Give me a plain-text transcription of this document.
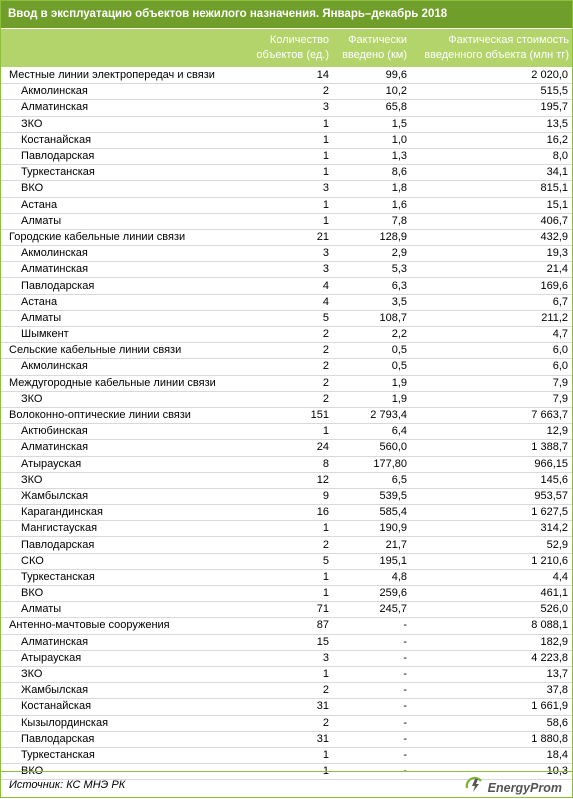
Ввод в эксплуатацию объектов нежилого назначения. Январь–декабрь 2018
Количество
объектов (ед.)
Фактически
введено (км)
Фактическая стоимость
введенного объекта (млн тг)
Местные линии электропередач и связи	14	99,6	2 020,0
Акмолинская	2	10,2	515,5
Алматинская	3	65,8	195,7
ЗКО	1	1,5	13,5
Костанайская	1	1,0	16,2
Павлодарская	1	1,3	8,0
Туркестанская	1	8,6	34,1
ВКО	3	1,8	815,1
Астана	1	1,6	15,1
Алматы	1	7,8	406,7
Городские кабельные линии связи	21	128,9	432,9
Акмолинская	3	2,9	19,3
Алматинская	3	5,3	21,4
Павлодарская	4	6,3	169,6
Астана	4	3,5	6,7
Алматы	5	108,7	211,2
Шымкент	2	2,2	4,7
Сельские кабельные линии связи	2	0,5	6,0
Акмолинская	2	0,5	6,0
Междугородные кабельные линии связи	2	1,9	7,9
ЗКО	2	1,9	7,9
Волоконно-оптические линии связи	151	2 793,4	7 663,7
Актюбинская	1	6,4	12,9
Алматинская	24	560,0	1 388,7
Атырауская	8	177,80	966,15
ЗКО	12	6,5	145,6
Жамбылская	9	539,5	953,57
Карагандинская	16	585,4	1 627,5
Мангистауская	1	190,9	314,2
Павлодарская	2	21,7	52,9
СКО	5	195,1	1 210,6
Туркестанская	1	4,8	4,4
ВКО	1	259,6	461,1
Алматы	71	245,7	526,0
Антенно-мачтовые сооружения	87	-	8 088,1
Алматинская	15	-	182,9
Атырауская	3	-	4 223,8
ЗКО	1	-	13,7
Жамбылская	2	-	37,8
Костанайская	31	-	1 661,9
Кызылординская	2	-	58,6
Павлодарская	31	-	1 880,8
Туркестанская	1	-	18,4
ВКО	1	-	10,3
Источник: КС МНЭ РК	EnergyProm
